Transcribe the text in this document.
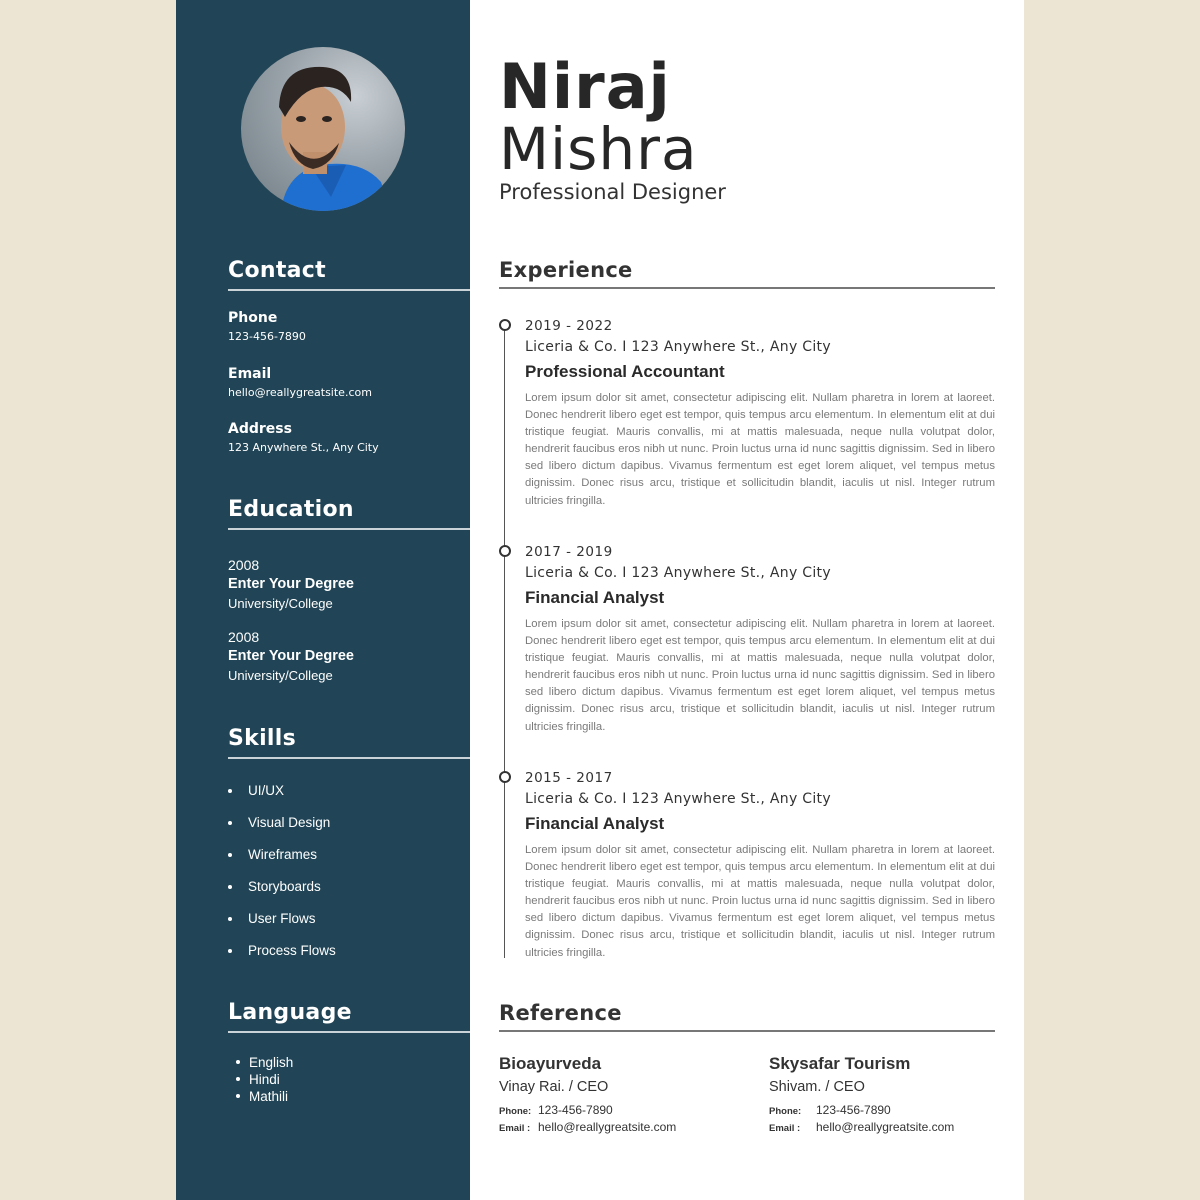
Contact
Phone
123-456-7890
Email
hello@reallygreatsite.com
Address
123 Anywhere St., Any City
Education
2008
Enter Your Degree
University/College
2008
Enter Your Degree
University/College
Skills
UI/UX
Visual Design
Wireframes
Storyboards
User Flows
Process Flows
Language
English
Hindi
Mathili
Niraj
Mishra
Professional Designer
Experience
2019 - 2022
Liceria & Co. I 123 Anywhere St., Any City
Professional Accountant
Lorem ipsum dolor sit amet, consectetur adipiscing elit. Nullam pharetra in lorem at laoreet. Donec hendrerit libero eget est tempor, quis tempus arcu elementum. In elementum elit at dui tristique feugiat. Mauris convallis, mi at mattis malesuada, neque nulla volutpat dolor, hendrerit faucibus eros nibh ut nunc. Proin luctus urna id nunc sagittis dignissim. Sed in libero sed libero dictum dapibus. Vivamus fermentum est eget lorem aliquet, vel tempus metus dignissim. Donec risus arcu, tristique et sollicitudin blandit, iaculis ut nisl. Integer rutrum ultricies fringilla.
2017 - 2019
Liceria & Co. I 123 Anywhere St., Any City
Financial Analyst
Lorem ipsum dolor sit amet, consectetur adipiscing elit. Nullam pharetra in lorem at laoreet. Donec hendrerit libero eget est tempor, quis tempus arcu elementum. In elementum elit at dui tristique feugiat. Mauris convallis, mi at mattis malesuada, neque nulla volutpat dolor, hendrerit faucibus eros nibh ut nunc. Proin luctus urna id nunc sagittis dignissim. Sed in libero sed libero dictum dapibus. Vivamus fermentum est eget lorem aliquet, vel tempus metus dignissim. Donec risus arcu, tristique et sollicitudin blandit, iaculis ut nisl. Integer rutrum ultricies fringilla.
2015 - 2017
Liceria & Co. I 123 Anywhere St., Any City
Financial Analyst
Lorem ipsum dolor sit amet, consectetur adipiscing elit. Nullam pharetra in lorem at laoreet. Donec hendrerit libero eget est tempor, quis tempus arcu elementum. In elementum elit at dui tristique feugiat. Mauris convallis, mi at mattis malesuada, neque nulla volutpat dolor, hendrerit faucibus eros nibh ut nunc. Proin luctus urna id nunc sagittis dignissim. Sed in libero sed libero dictum dapibus. Vivamus fermentum est eget lorem aliquet, vel tempus metus dignissim. Donec risus arcu, tristique et sollicitudin blandit, iaculis ut nisl. Integer rutrum ultricies fringilla.
Reference
Bioayurveda
Vinay Rai. / CEO
Phone: 123-456-7890
Email : hello@reallygreatsite.com
Skysafar Tourism
Shivam. / CEO
Phone: 123-456-7890
Email : hello@reallygreatsite.com
